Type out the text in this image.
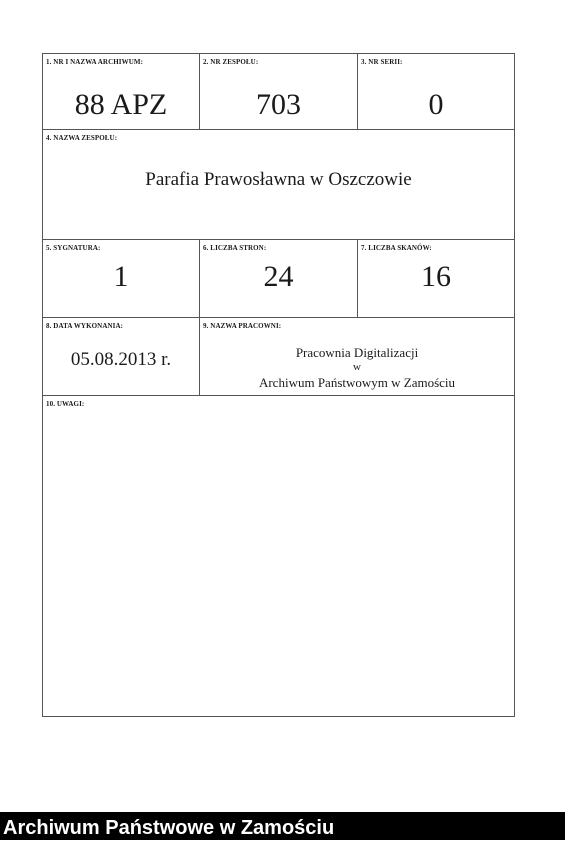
1. NR I NAZWA ARCHIWUM:
88 APZ
2. NR ZESPOŁU:
703
3. NR SERII:
0
4. NAZWA ZESPOŁU:
Parafia Prawosławna w Oszczowie
5. SYGNATURA:
1
6. LICZBA STRON:
24
7. LICZBA SKANÓW:
16
8. DATA WYKONANIA:
05.08.2013 r.
9. NAZWA PRACOWNI:
Pracownia Digitalizacji
w
Archiwum Państwowym w Zamościu
10. UWAGI:
Archiwum Państwowe w Zamościu
